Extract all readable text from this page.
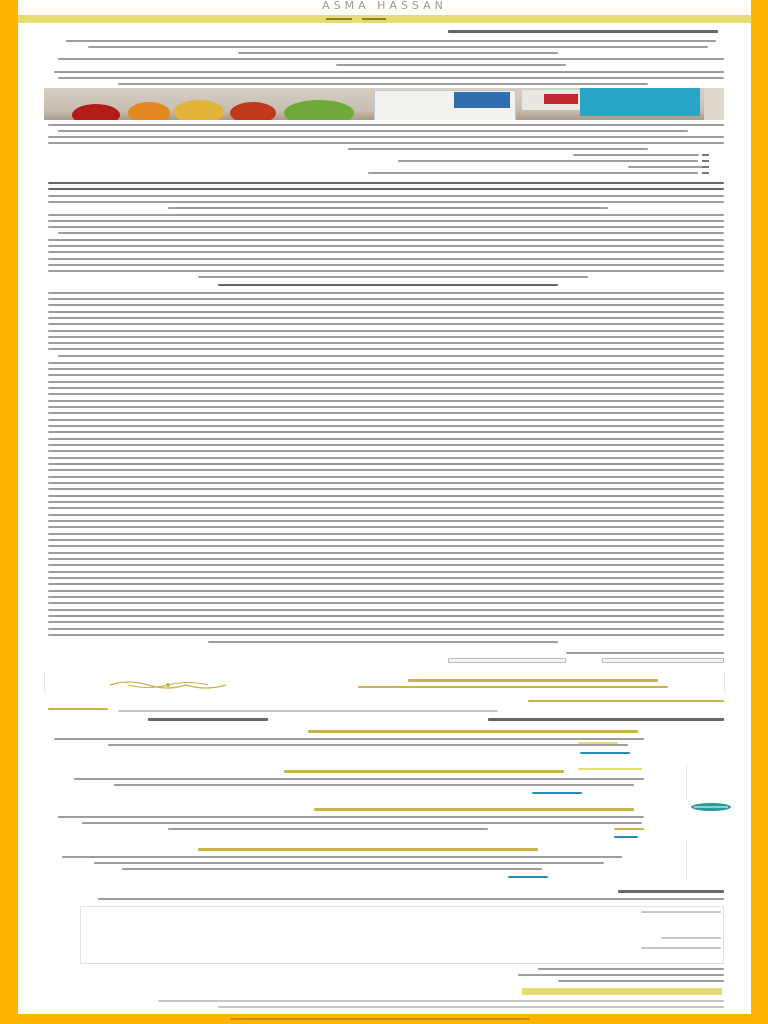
ASMA HASSAN
